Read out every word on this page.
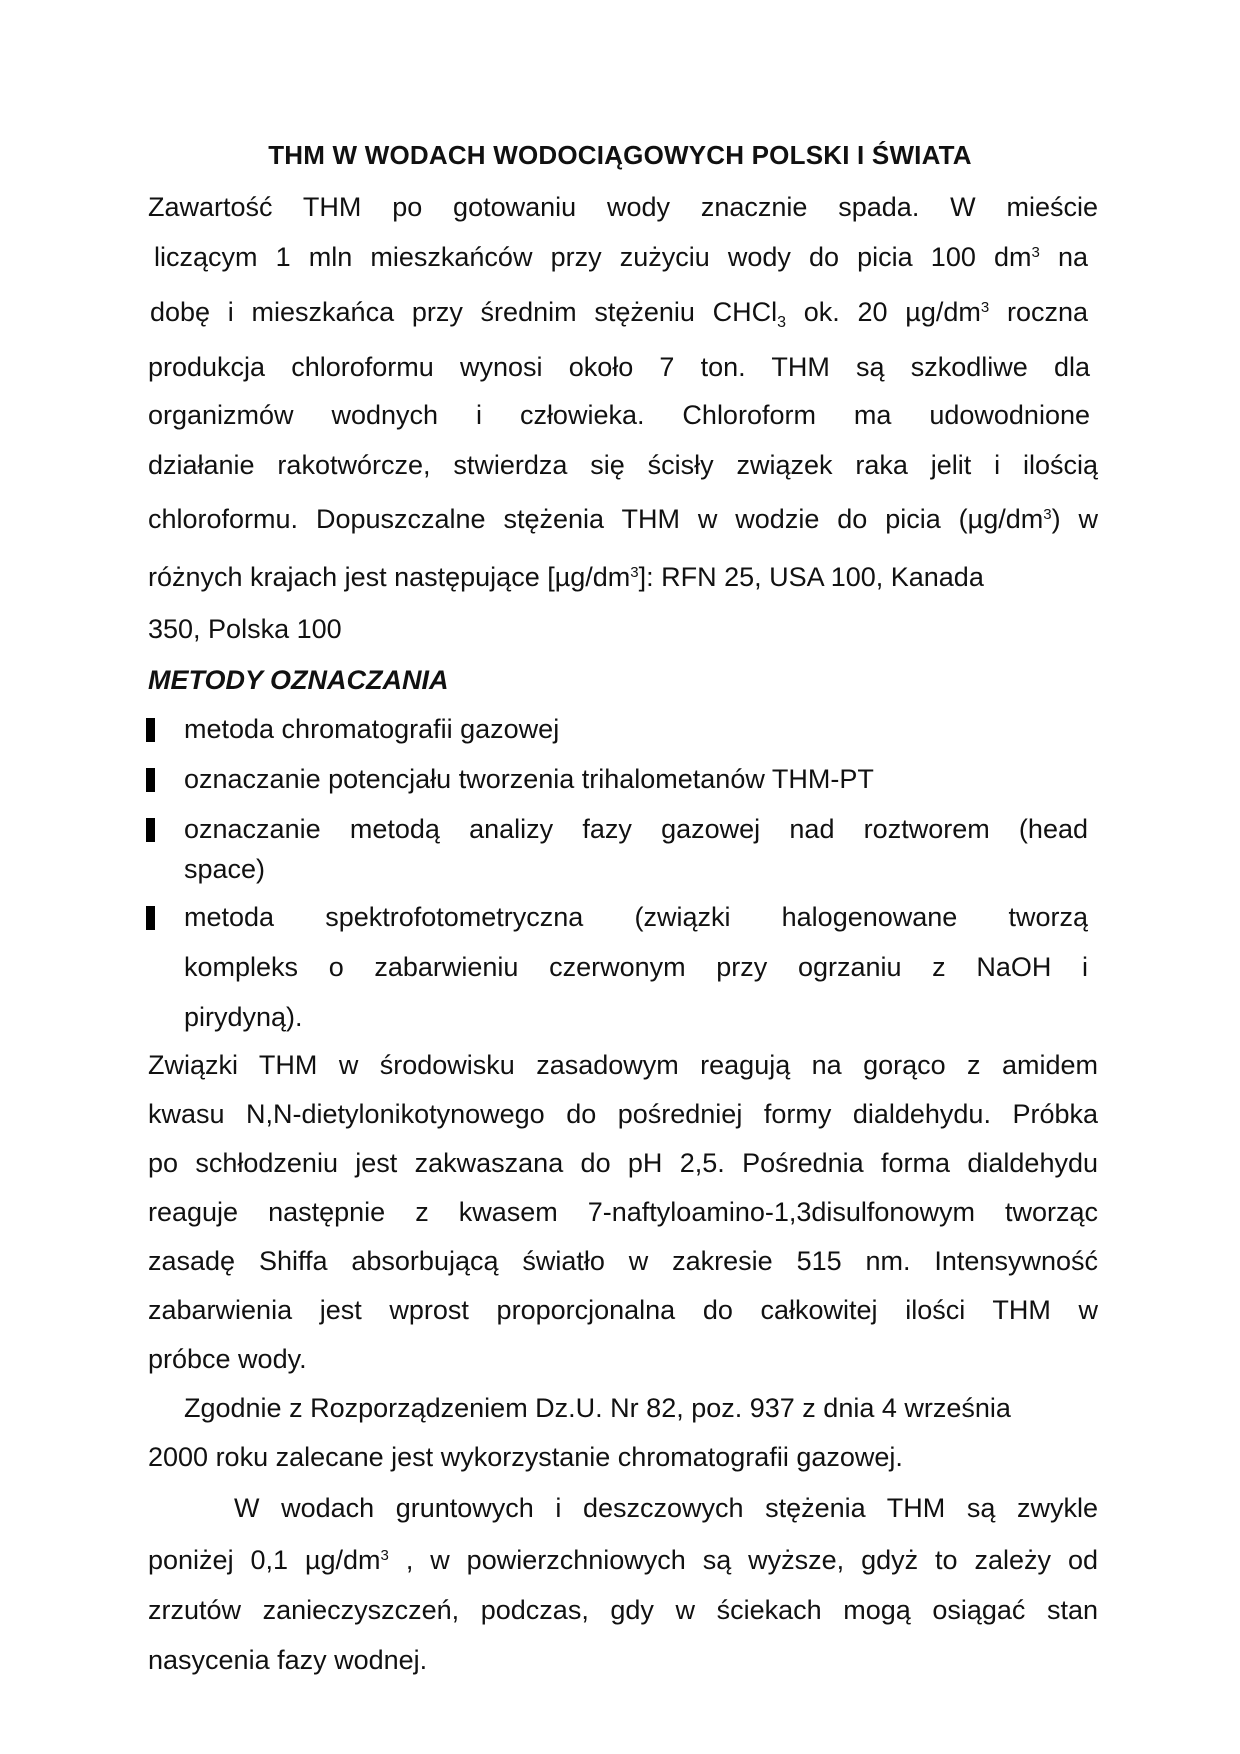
THM W WODACH WODOCIĄGOWYCH POLSKI I ŚWIATA
Zawartość THM po gotowaniu wody znacznie spada. W mieście
liczącym 1 mln mieszkańców przy zużyciu wody do picia 100 $dm^3$ na
dobę i mieszkańca przy średnim stężeniu CHCl$_3$ ok. 20 $\mu g/dm^3$ roczna
produkcja chloroformu wynosi około 7 ton. THM są szkodliwe dla
organizmów wodnych i człowieka. Chloroform ma udowodnione
działanie rakotwórcze, stwierdza się ścisły związek raka jelit i ilością
chloroformu. Dopuszczalne stężenia THM w wodzie do picia $(\mu g/dm^3)$ w
różnych krajach jest następujące $[\mu g/dm^3]$: RFN 25, USA 100, Kanada
350, Polska 100
METODY OZNACZANIA
metoda chromatografii gazowej
oznaczanie potencjału tworzenia trihalometanów THM-PT
oznaczanie metodą analizy fazy gazowej nad roztworem (head
space)
metoda spektrofotometryczna (związki halogenowane tworzą
kompleks o zabarwieniu czerwonym przy ogrzaniu z NaOH i
pirydyną).
Związki THM w środowisku zasadowym reagują na gorąco z amidem
kwasu N,N-dietylonikotynowego do pośredniej formy dialdehydu. Próbka
po schłodzeniu jest zakwaszana do pH 2,5. Pośrednia forma dialdehydu
reaguje następnie z kwasem 7-naftyloamino-1,3disulfonowym tworząc
zasadę Shiffa absorbującą światło w zakresie 515 nm. Intensywność
zabarwienia jest wprost proporcjonalna do całkowitej ilości THM w
próbce wody.
Zgodnie z Rozporządzeniem Dz.U. Nr 82, poz. 937 z dnia 4 września
2000 roku zalecane jest wykorzystanie chromatografii gazowej.
W wodach gruntowych i deszczowych stężenia THM są zwykle
poniżej 0,1 $\mu g/dm^3$ , w powierzchniowych są wyższe, gdyż to zależy od
zrzutów zanieczyszczeń, podczas, gdy w ściekach mogą osiągać stan
nasycenia fazy wodnej.
